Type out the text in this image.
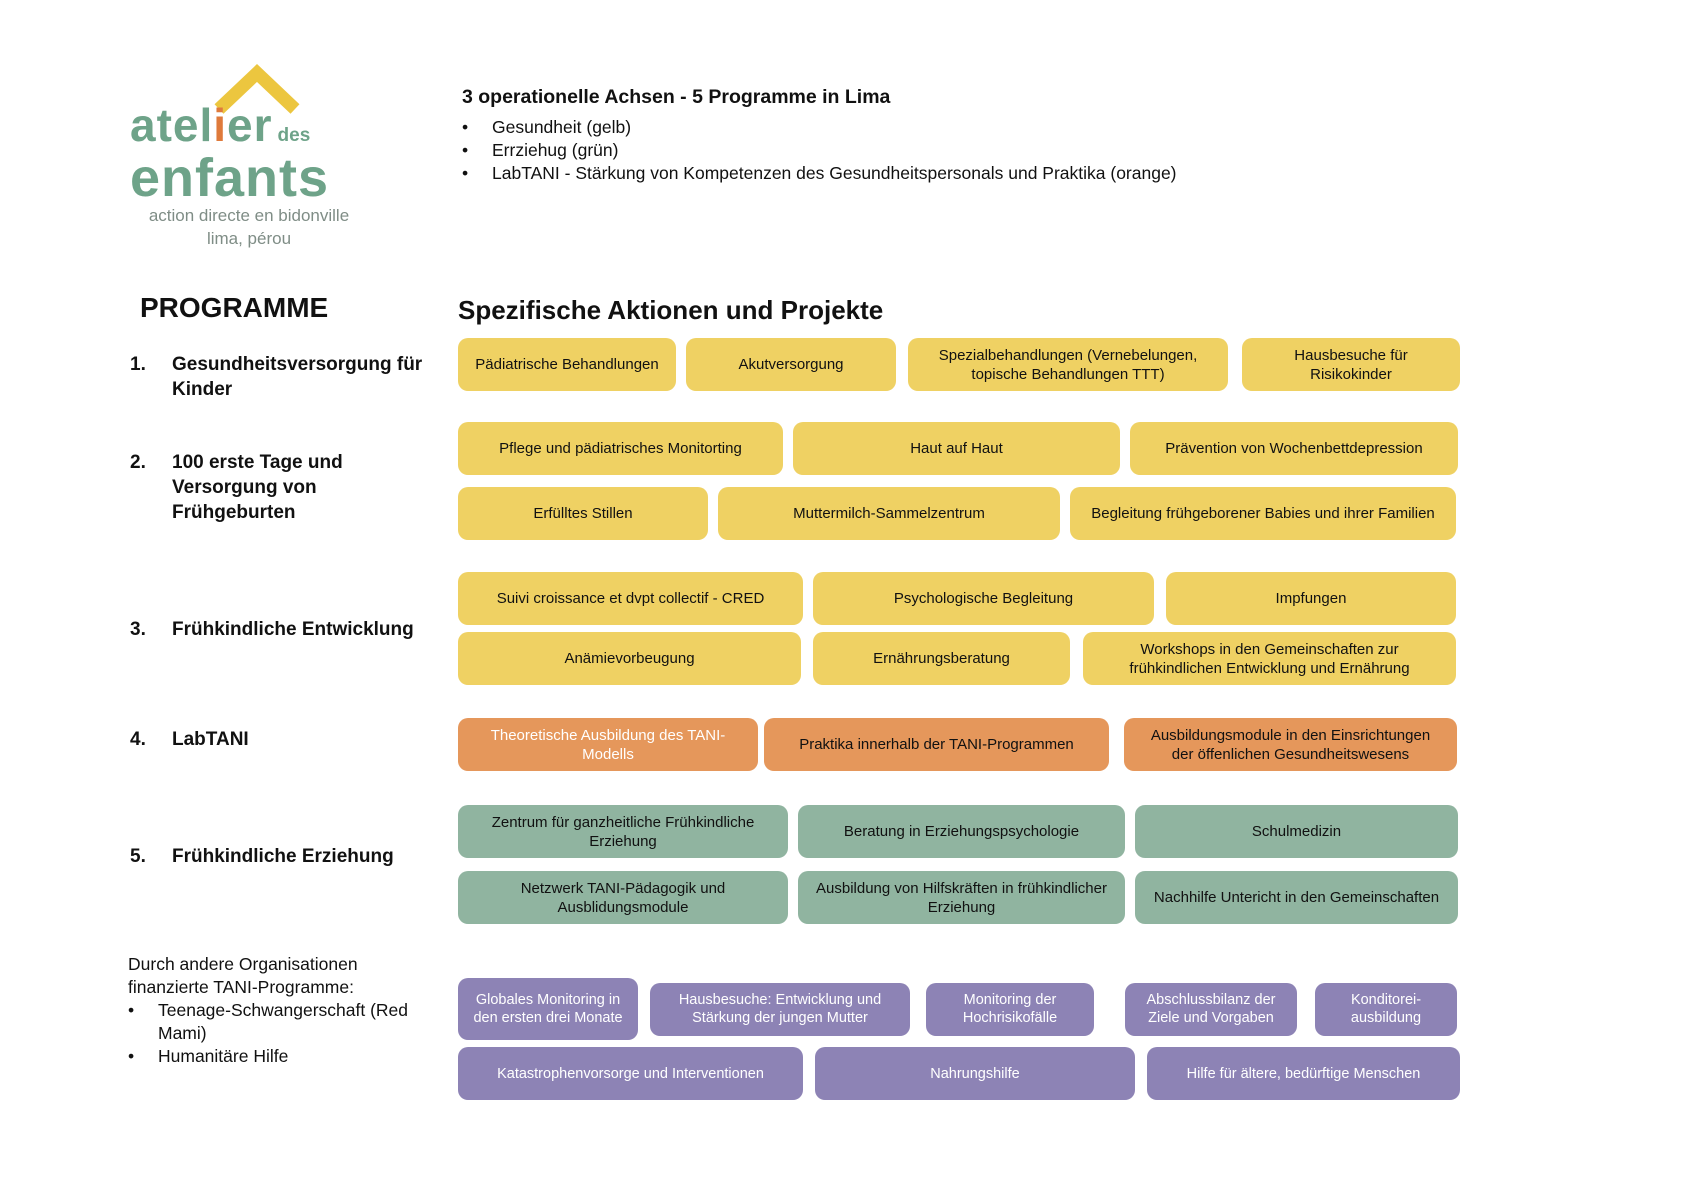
atelier des
enfants
action directe en bidonville
lima, pérou
3 operationelle Achsen - 5 Programme in Lima
•	Gesundheit (gelb)
•	Errziehug (grün)
•	LabTANI - Stärkung von Kompetenzen des Gesundheitspersonals und Praktika (orange)
PROGRAMME	Spezifische Aktionen und Projekte
1.	Gesundheitsversorgung für Kinder
2.	100 erste Tage und Versorgung von Frühgeburten
3.	Frühkindliche Entwicklung
4.	LabTANI
5.	Frühkindliche Erziehung
Durch andere Organisationen finanzierte TANI-Programme:
•	Teenage-Schwangerschaft (Red Mami)
•	Humanitäre Hilfe
Pädiatrische Behandlungen	Akutversorgung
Spezialbehandlungen (Vernebelungen, topische Behandlungen TTT)
Hausbesuche für Risikokinder
Pflege und pädiatrisches Monitorting	Haut auf Haut	Prävention von Wochenbettdepression
Erfülltes Stillen	Muttermilch-Sammelzentrum	Begleitung frühgeborener Babies und ihrer Familien
Suivi croissance et dvpt collectif - CRED	Psychologische Begleitung	Impfungen
Anämievorbeugung	Ernährungsberatung
Workshops in den Gemeinschaften zur frühkindlichen Entwicklung und Ernährung
Theoretische Ausbildung des TANI-Modells
Praktika innerhalb der TANI-Programmen
Ausbildungsmodule in den Einsrichtungen der öffenlichen Gesundheitswesens
Zentrum für ganzheitliche Frühkindliche Erziehung
Beratung in Erziehungspsychologie	Schulmedizin
Netzwerk TANI-Pädagogik und Ausblidungsmodule
Ausbildung von Hilfskräften in frühkindlicher Erziehung
Nachhilfe Untericht in den Gemeinschaften
Globales Monitoring in den ersten drei Monate
Hausbesuche: Entwicklung und Stärkung der jungen Mutter
Monitoring der Hochrisikofälle
Abschlussbilanz der Ziele und Vorgaben
Konditorei-ausbildung
Katastrophenvorsorge und Interventionen	Nahrungshilfe	Hilfe für ältere, bedürftige Menschen
